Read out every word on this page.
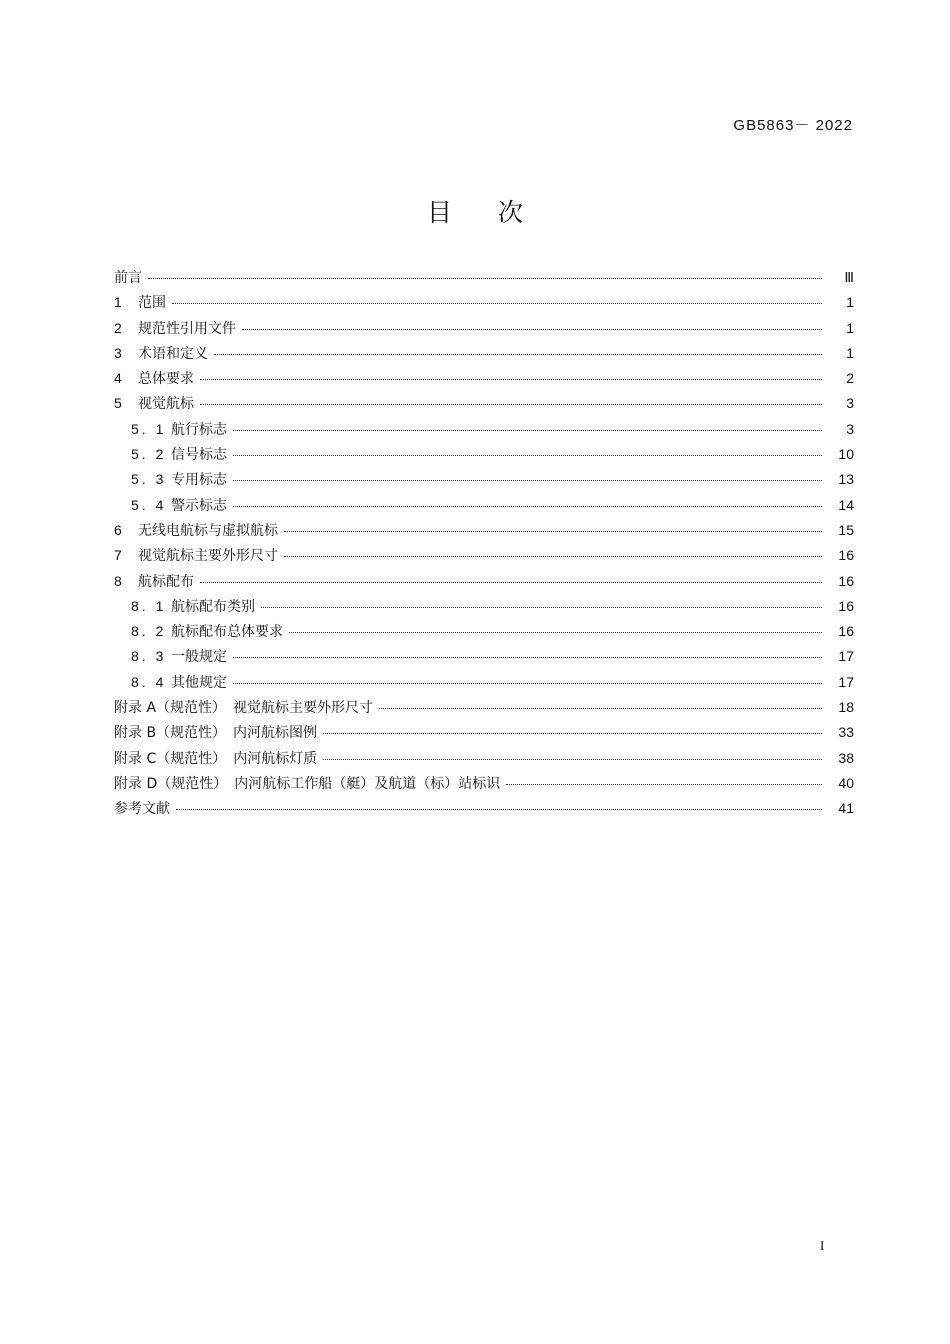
GB5863－ 2022
目次
前言	Ⅲ
1	范围	1
2	规范性引用文件	1
3	术语和定义	1
4	总体要求	2
5	视觉航标	3
5. 1 航行标志	3
5. 2 信号标志	10
5. 3 专用标志	13
5. 4 警示标志	14
6	无线电航标与虚拟航标	15
7	视觉航标主要外形尺寸	16
8	航标配布	16
8. 1 航标配布类别	16
8. 2 航标配布总体要求	16
8. 3 一般规定	17
8. 4 其他规定	17
附录 A（规范性）　视觉航标主要外形尺寸	18
附录 B（规范性）　内河航标图例	33
附录 C（规范性）　内河航标灯质	38
附录 D（规范性）　内河航标工作船（艇）及航道（标）站标识	40
参考文献	41
I
